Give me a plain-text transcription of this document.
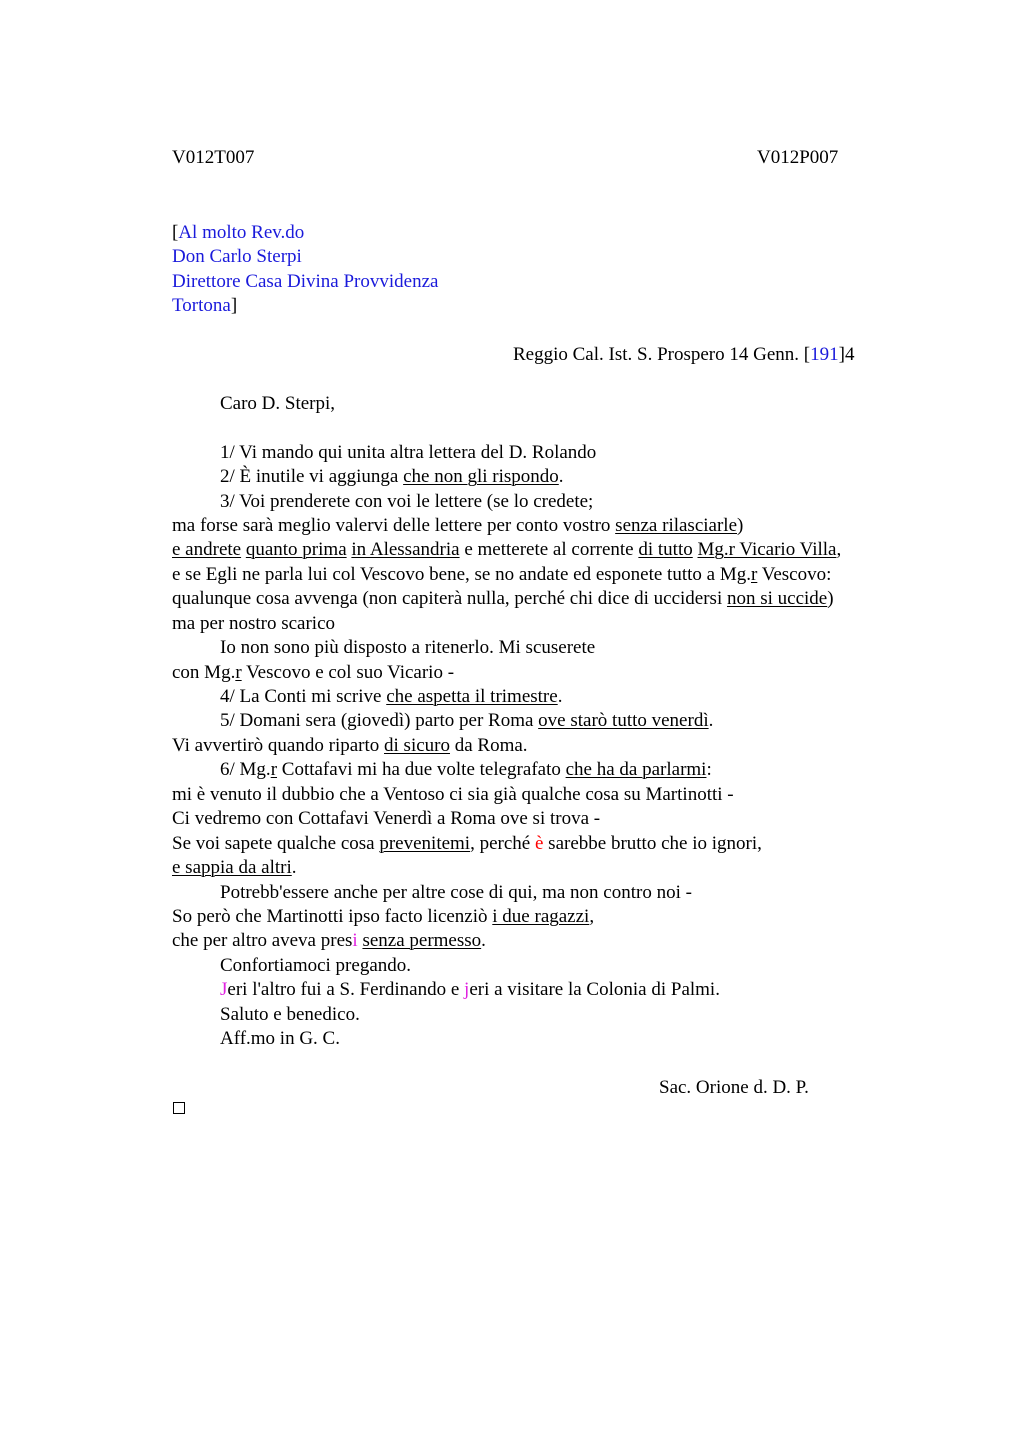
V012T007	V012P007
[Al molto Rev.do
Don Carlo Sterpi
Direttore Casa Divina Provvidenza
Tortona]
Reggio Cal. Ist. S. Prospero 14 Genn. [191]4
Caro D. Sterpi,
1/ Vi mando qui unita altra lettera del D. Rolando
2/ È inutile vi aggiunga che non gli rispondo.
3/ Voi prenderete con voi le lettere (se lo credete;
ma forse sarà meglio valervi delle lettere per conto vostro senza rilasciarle)
e andrete quanto prima in Alessandria e metterete al corrente di tutto Mg.r Vicario Villa,
e se Egli ne parla lui col Vescovo bene, se no andate ed esponete tutto a Mg.r Vescovo:
qualunque cosa avvenga (non capiterà nulla, perché chi dice di uccidersi non si uccide)
ma per nostro scarico
Io non sono più disposto a ritenerlo. Mi scuserete
con Mg.r Vescovo e col suo Vicario -
4/ La Conti mi scrive che aspetta il trimestre.
5/ Domani sera (giovedì) parto per Roma ove starò tutto venerdì.
Vi avvertirò quando riparto di sicuro da Roma.
6/ Mg.r Cottafavi mi ha due volte telegrafato che ha da parlarmi:
mi è venuto il dubbio che a Ventoso ci sia già qualche cosa su Martinotti -
Ci vedremo con Cottafavi Venerdì a Roma ove si trova -
Se voi sapete qualche cosa prevenitemi, perché è sarebbe brutto che io ignori,
e sappia da altri.
Potrebb'essere anche per altre cose di qui, ma non contro noi -
So però che Martinotti ipso facto licenziò i due ragazzi,
che per altro aveva presi senza permesso.
Confortiamoci pregando.
Jeri l'altro fui a S. Ferdinando e jeri a visitare la Colonia di Palmi.
Saluto e benedico.
Aff.mo in G. C.
Sac. Orione d. D. P.
